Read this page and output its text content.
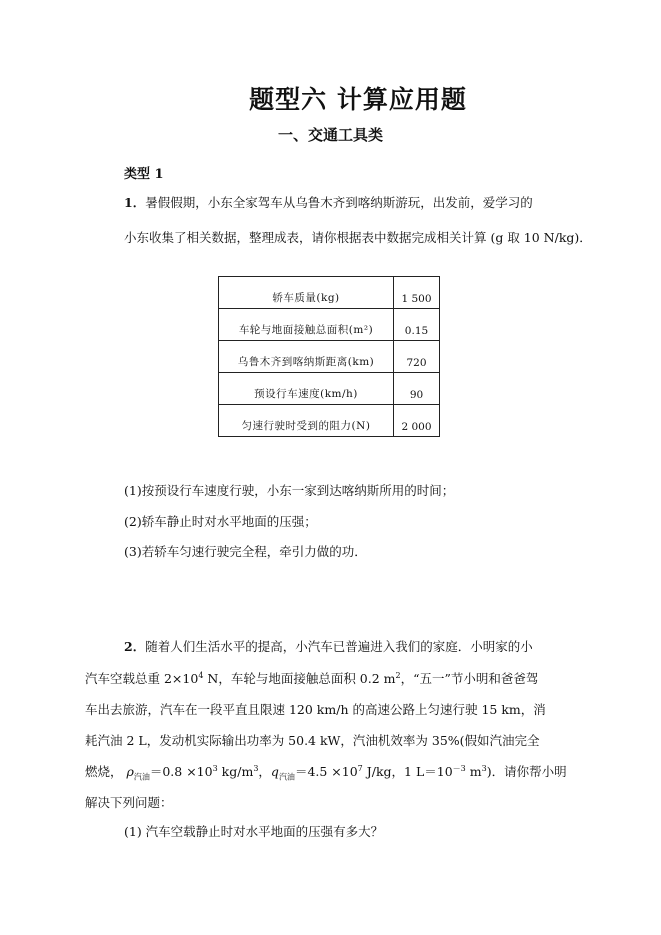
题型六 计算应用题
一、交通工具类
类型 1
1．暑假假期，小东全家驾车从乌鲁木齐到喀纳斯游玩，出发前，爱学习的
小东收集了相关数据，整理成表，请你根据表中数据完成相关计算 (g 取 10 N/kg)．
轿车质量(kg)	1 500
车轮与地面接触总面积(m²)	0.15
乌鲁木齐到喀纳斯距离(km)	720
预设行车速度(km/h)	90
匀速行驶时受到的阻力(N)	2 000
(1)按预设行车速度行驶，小东一家到达喀纳斯所用的时间；
(2)轿车静止时对水平地面的压强；
(3)若轿车匀速行驶完全程，牵引力做的功．
2．随着人们生活水平的提高，小汽车已普遍进入我们的家庭．小明家的小
汽车空载总重 $2\times 10^4$ N，车轮与地面接触总面积 0.2 $m^2$，“五一”节小明和爸爸驾
车出去旅游，汽车在一段平直且限速 120 km/h 的高速公路上匀速行驶 15 km，消
耗汽油 2 L，发动机实际输出功率为 50.4 kW，汽油机效率为 35%(假如汽油完全
燃烧， $\rho_{汽油}=0.8 \times 10^3$ $kg/m^3$，$q_{汽油}=4.5 \times 10^7$ J/kg，1 $L=10^{-3}$ $m^3$)．请你帮小明
解决下列问题：
(1) 汽车空载静止时对水平地面的压强有多大？
